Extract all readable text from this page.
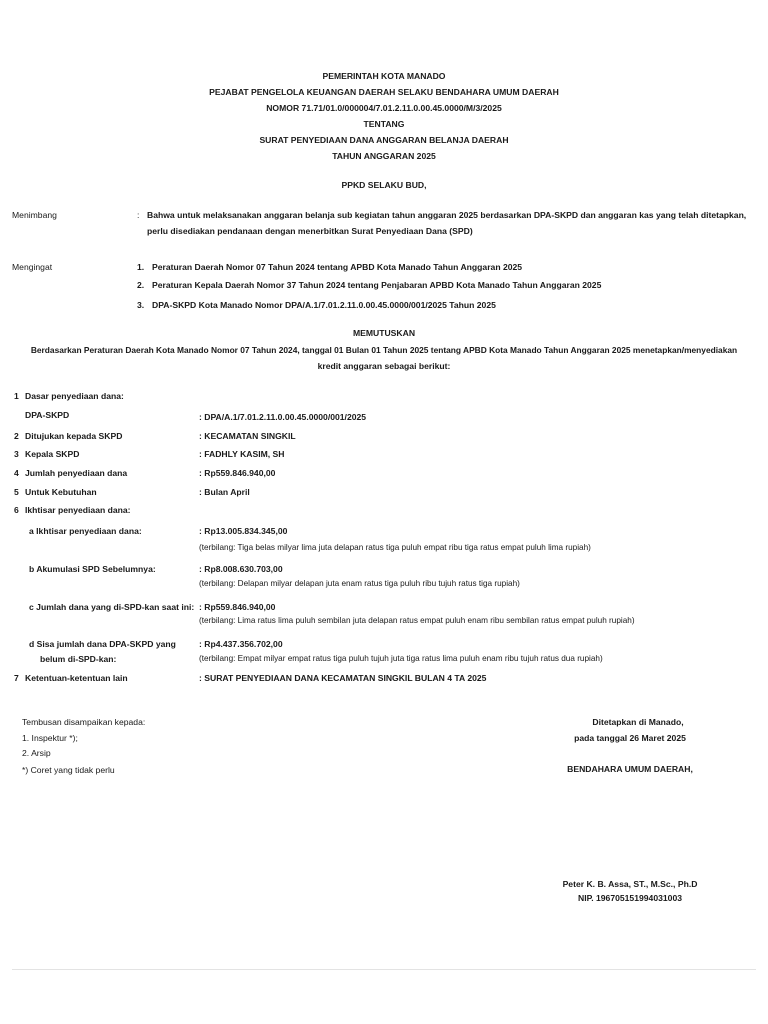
PEMERINTAH KOTA MANADO
PEJABAT PENGELOLA KEUANGAN DAERAH SELAKU BENDAHARA UMUM DAERAH
NOMOR 71.71/01.0/000004/7.01.2.11.0.00.45.0000/M/3/2025
TENTANG
SURAT PENYEDIAAN DANA ANGGARAN BELANJA DAERAH
TAHUN ANGGARAN 2025
PPKD SELAKU BUD,
Menimbang	: Bahwa untuk melaksanakan anggaran belanja sub kegiatan tahun anggaran 2025 berdasarkan DPA-SKPD dan anggaran kas yang telah ditetapkan,
perlu disediakan pendanaan dengan menerbitkan Surat Penyediaan Dana (SPD)
Mengingat	1. Peraturan Daerah Nomor 07 Tahun 2024 tentang APBD Kota Manado Tahun Anggaran 2025
2. Peraturan Kepala Daerah Nomor 37 Tahun 2024 tentang Penjabaran APBD Kota Manado Tahun Anggaran 2025
3. DPA-SKPD Kota Manado Nomor DPA/A.1/7.01.2.11.0.00.45.0000/001/2025 Tahun 2025
MEMUTUSKAN
Berdasarkan Peraturan Daerah Kota Manado Nomor 07 Tahun 2024, tanggal 01 Bulan 01 Tahun 2025 tentang APBD Kota Manado Tahun Anggaran 2025 menetapkan/menyediakan
kredit anggaran sebagai berikut:
1 Dasar penyediaan dana:
DPA-SKPD	: DPA/A.1/7.01.2.11.0.00.45.0000/001/2025
2 Ditujukan kepada SKPD	: KECAMATAN SINGKIL
3 Kepala SKPD	: FADHLY KASIM, SH
4 Jumlah penyediaan dana	: Rp559.846.940,00
5 Untuk Kebutuhan	: Bulan April
6 Ikhtisar penyediaan dana:
a Ikhtisar penyediaan dana:	: Rp13.005.834.345,00
(terbilang: Tiga belas milyar lima juta delapan ratus tiga puluh empat ribu tiga ratus empat puluh lima rupiah)
b Akumulasi SPD Sebelumnya:	: Rp8.008.630.703,00
(terbilang: Delapan milyar delapan juta enam ratus tiga puluh ribu tujuh ratus tiga rupiah)
c Jumlah dana yang di-SPD-kan saat ini: : Rp559.846.940,00
(terbilang: Lima ratus lima puluh sembilan juta delapan ratus empat puluh enam ribu sembilan ratus empat puluh rupiah)
d Sisa jumlah dana DPA-SKPD yang
belum di-SPD-kan:
: Rp4.437.356.702,00
(terbilang: Empat milyar empat ratus tiga puluh tujuh juta tiga ratus lima puluh enam ribu tujuh ratus dua rupiah)
7 Ketentuan-ketentuan lain	: SURAT PENYEDIAAN DANA KECAMATAN SINGKIL BULAN 4 TA 2025
Tembusan disampaikan kepada:
1. Inspektur *);
2. Arsip
*) Coret yang tidak perlu
Ditetapkan di Manado,
pada tanggal 26 Maret 2025
BENDAHARA UMUM DAERAH,
Peter K. B. Assa, ST., M.Sc., Ph.D
NIP. 196705151994031003
